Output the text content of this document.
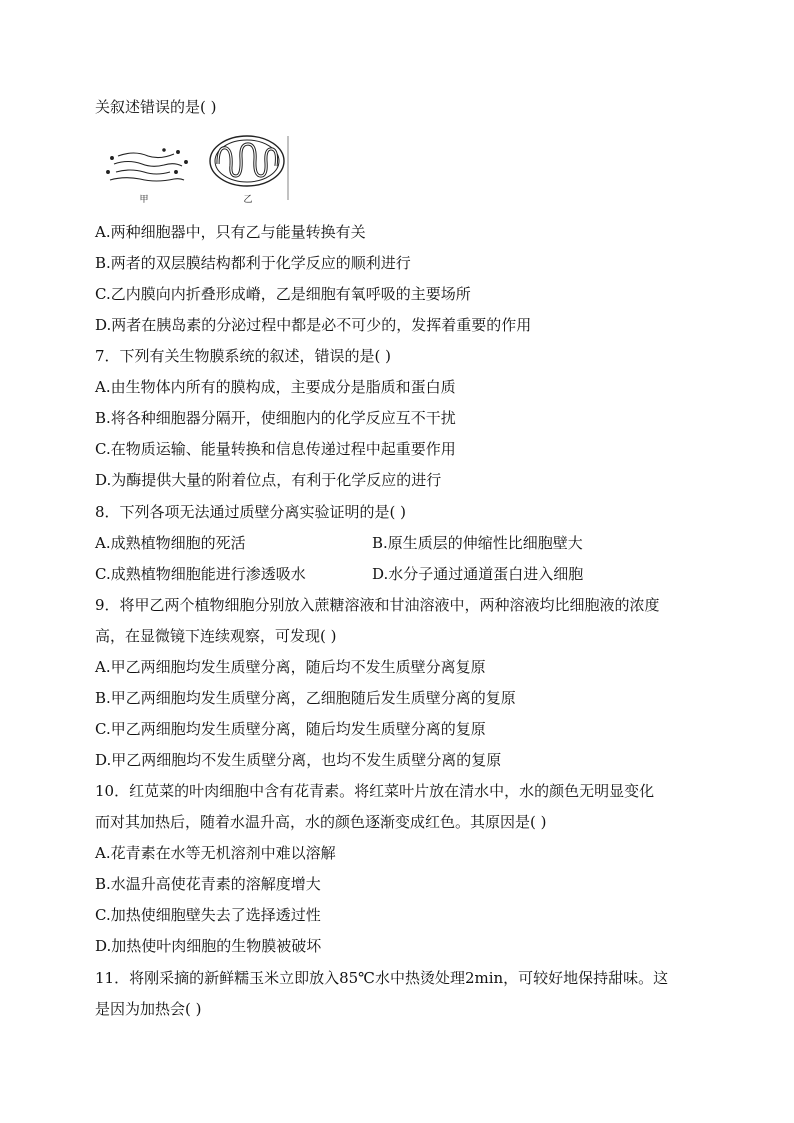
关叙述错误的是( )
甲	乙
A.两种细胞器中，只有乙与能量转换有关
B.两者的双层膜结构都利于化学反应的顺利进行
C.乙内膜向内折叠形成嵴，乙是细胞有氧呼吸的主要场所
D.两者在胰岛素的分泌过程中都是必不可少的，发挥着重要的作用
7．下列有关生物膜系统的叙述，错误的是( )
A.由生物体内所有的膜构成，主要成分是脂质和蛋白质
B.将各种细胞器分隔开，使细胞内的化学反应互不干扰
C.在物质运输、能量转换和信息传递过程中起重要作用
D.为酶提供大量的附着位点，有利于化学反应的进行
8．下列各项无法通过质壁分离实验证明的是( )
A.成熟植物细胞的死活	B.原生质层的伸缩性比细胞壁大
C.成熟植物细胞能进行渗透吸水	D.水分子通过通道蛋白进入细胞
9．将甲乙两个植物细胞分别放入蔗糖溶液和甘油溶液中，两种溶液均比细胞液的浓度
高，在显微镜下连续观察，可发现( )
A.甲乙两细胞均发生质壁分离，随后均不发生质壁分离复原
B.甲乙两细胞均发生质壁分离，乙细胞随后发生质壁分离的复原
C.甲乙两细胞均发生质壁分离，随后均发生质壁分离的复原
D.甲乙两细胞均不发生质壁分离，也均不发生质壁分离的复原
10．红苋菜的叶肉细胞中含有花青素。将红菜叶片放在清水中，水的颜色无明显变化
而对其加热后，随着水温升高，水的颜色逐渐变成红色。其原因是( )
A.花青素在水等无机溶剂中难以溶解
B.水温升高使花青素的溶解度增大
C.加热使细胞壁失去了选择透过性
D.加热使叶肉细胞的生物膜被破坏
11．将刚采摘的新鲜糯玉米立即放入85℃水中热烫处理2min，可较好地保持甜味。这
是因为加热会( )
